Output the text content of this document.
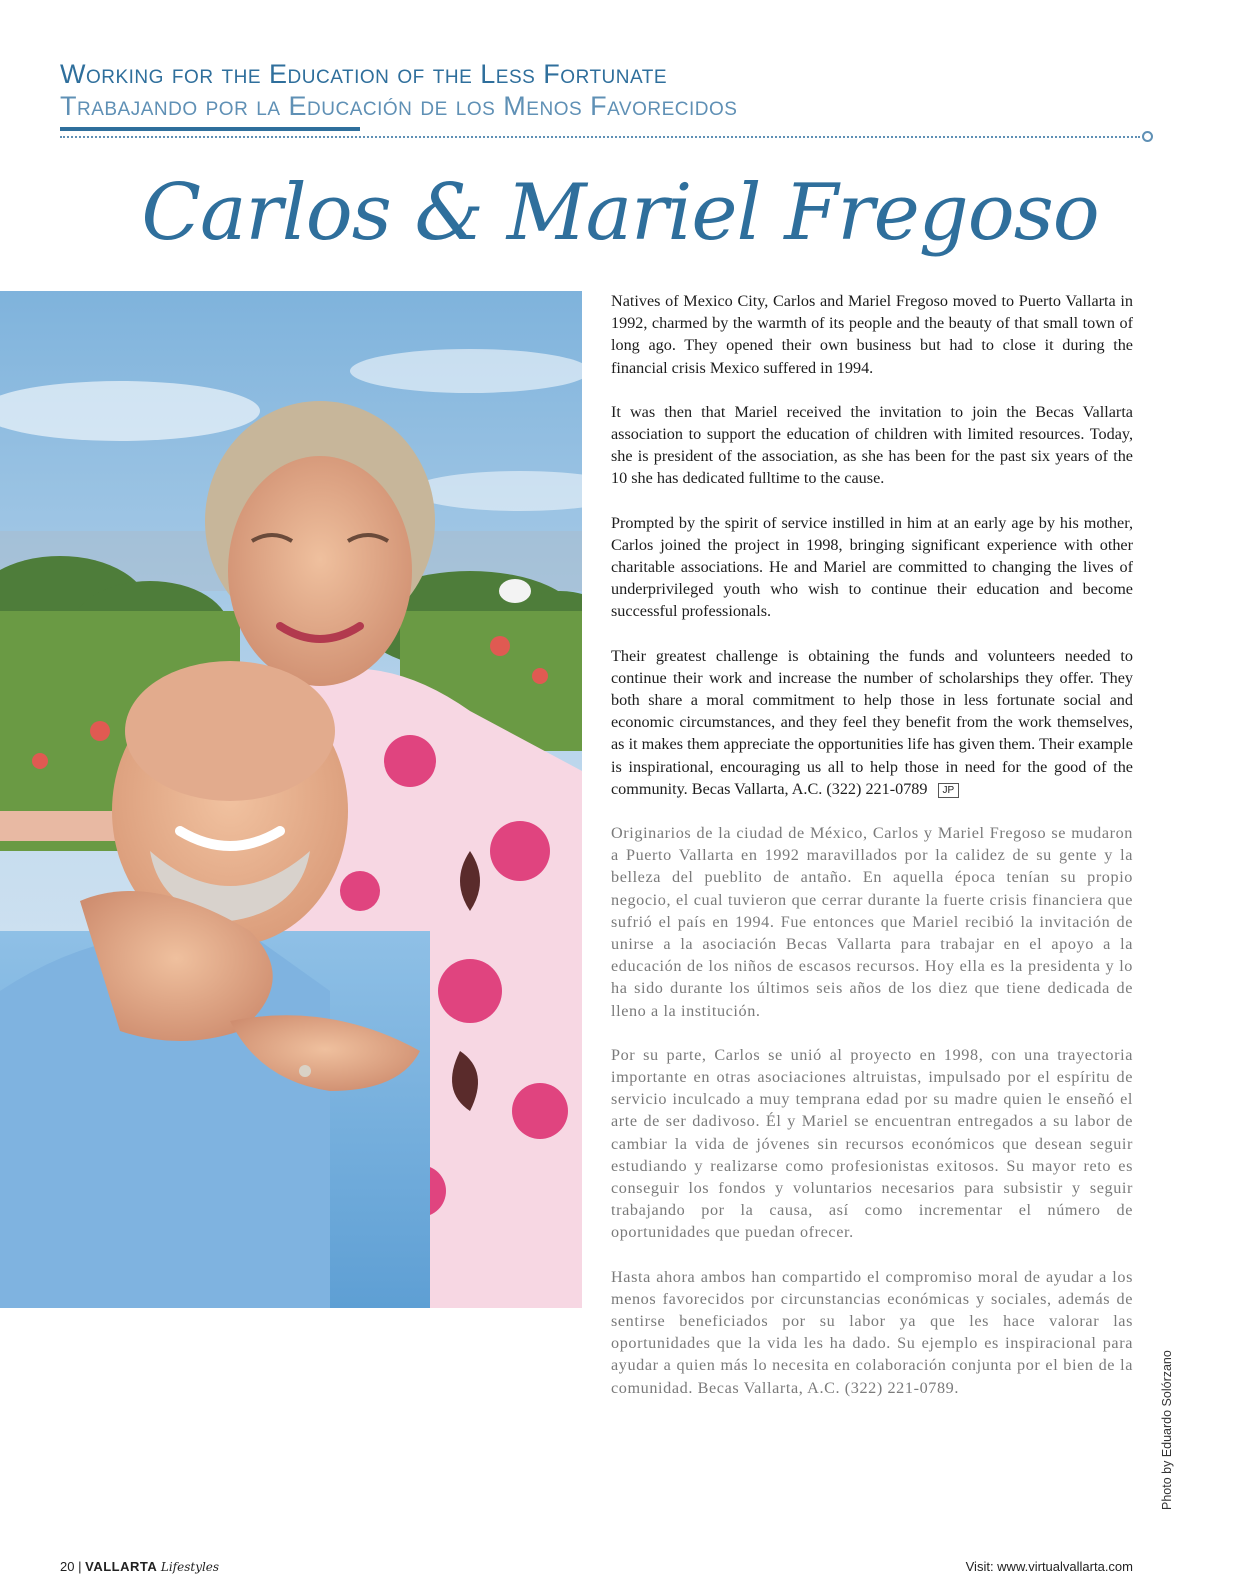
Working for the Education of the Less Fortunate
Trabajando por la Educación de los Menos Favorecidos
Carlos & Mariel Fregoso

Natives of Mexico City, Carlos and Mariel Fregoso moved to Puerto Vallarta in 1992, charmed by the warmth of its people and the beauty of that small town of long ago. They opened their own business but had to close it during the financial crisis Mexico suffered in 1994.

It was then that Mariel received the invitation to join the Becas Vallarta association to support the education of children with limited resources. Today, she is president of the association, as she has been for the past six years of the 10 she has dedicated fulltime to the cause.

Prompted by the spirit of service instilled in him at an early age by his mother, Carlos joined the project in 1998, bringing significant experience with other charitable associations. He and Mariel are committed to changing the lives of underprivileged youth who wish to continue their education and become successful professionals.

Their greatest challenge is obtaining the funds and volunteers needed to continue their work and increase the number of scholarships they offer. They both share a moral commitment to help those in less fortunate social and economic circumstances, and they feel they benefit from the work themselves, as it makes them appreciate the opportunities life has given them. Their example is inspirational, encouraging us all to help those in need for the good of the community. Becas Vallarta, A.C. (322) 221-0789 JP

Originarios de la ciudad de México, Carlos y Mariel Fregoso se mudaron a Puerto Vallarta en 1992 maravillados por la calidez de su gente y la belleza del pueblito de antaño. En aquella época tenían su propio negocio, el cual tuvieron que cerrar durante la fuerte crisis financiera que sufrió el país en 1994. Fue entonces que Mariel recibió la invitación de unirse a la asociación Becas Vallarta para trabajar en el apoyo a la educación de los niños de escasos recursos. Hoy ella es la presidenta y lo ha sido durante los últimos seis años de los diez que tiene dedicada de lleno a la institución.

Por su parte, Carlos se unió al proyecto en 1998, con una trayectoria importante en otras asociaciones altruistas, impulsado por el espíritu de servicio inculcado a muy temprana edad por su madre quien le enseñó el arte de ser dadivoso. Él y Mariel se encuentran entregados a su labor de cambiar la vida de jóvenes sin recursos económicos que desean seguir estudiando y realizarse como profesionistas exitosos. Su mayor reto es conseguir los fondos y voluntarios necesarios para subsistir y seguir trabajando por la causa, así como incrementar el número de oportunidades que puedan ofrecer.

Hasta ahora ambos han compartido el compromiso moral de ayudar a los menos favorecidos por circunstancias económicas y sociales, además de sentirse beneficiados por su labor ya que les hace valorar las oportunidades que la vida les ha dado. Su ejemplo es inspiracional para ayudar a quien más lo necesita en colaboración conjunta por el bien de la comunidad. Becas Vallarta, A.C. (322) 221-0789.	Photo by Eduardo Solórzano
20 | VALLARTA Lifestyles	Visit: www.virtualvallarta.com
